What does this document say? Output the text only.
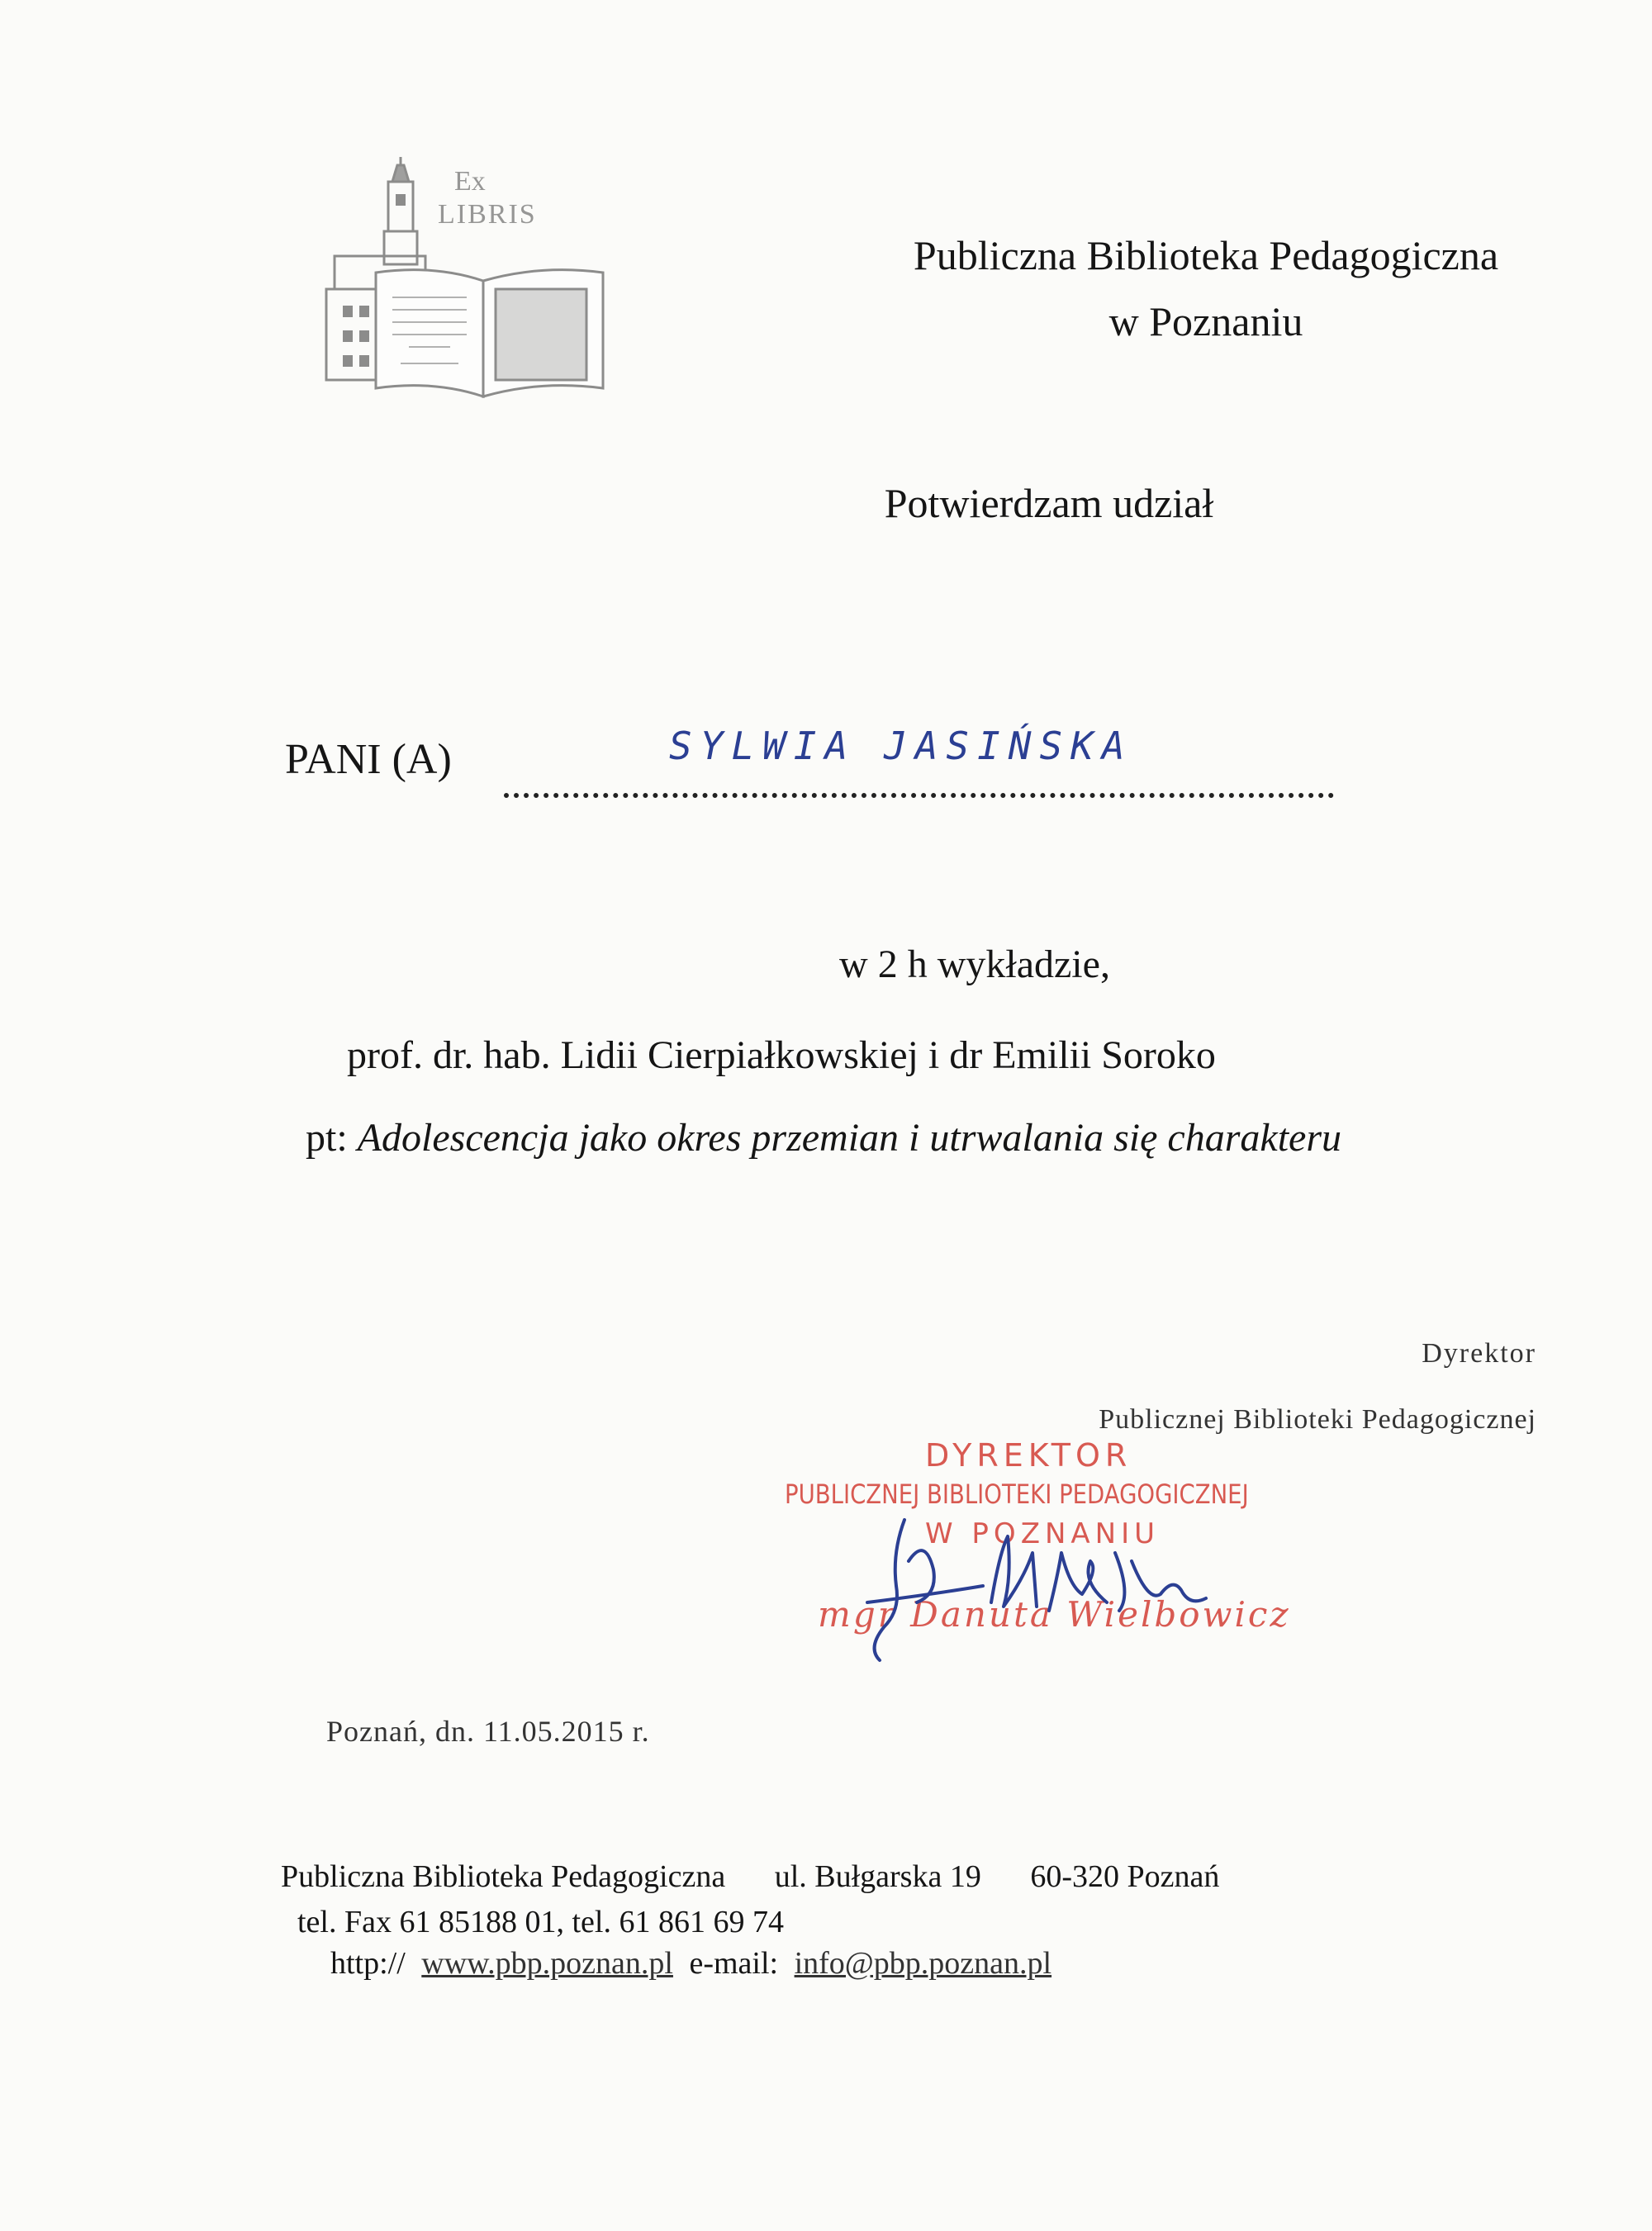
Ex
LIBRIS
Publiczna Biblioteka Pedagogiczna
w Poznaniu
Potwierdzam udział
PANI (A)	SYLWIA JASIŃSKA
w 2 h wykładzie,
prof. dr. hab. Lidii Cierpiałkowskiej i dr Emilii Soroko
pt: Adolescencja jako okres przemian i utrwalania się charakteru
Dyrektor
Publicznej Biblioteki Pedagogicznej
DYREKTOR
PUBLICZNEJ BIBLIOTEKI PEDAGOGICZNEJ
W POZNANIU
mgr Danuta Wielbowicz
Poznań, dn. 11.05.2015 r.
Publiczna Biblioteka Pedagogiczna ul. Bułgarska 19 60-320 Poznań
tel. Fax 61 85188 01, tel. 61 861 69 74
http:// www.pbp.poznan.pl e-mail: info@pbp.poznan.pl
